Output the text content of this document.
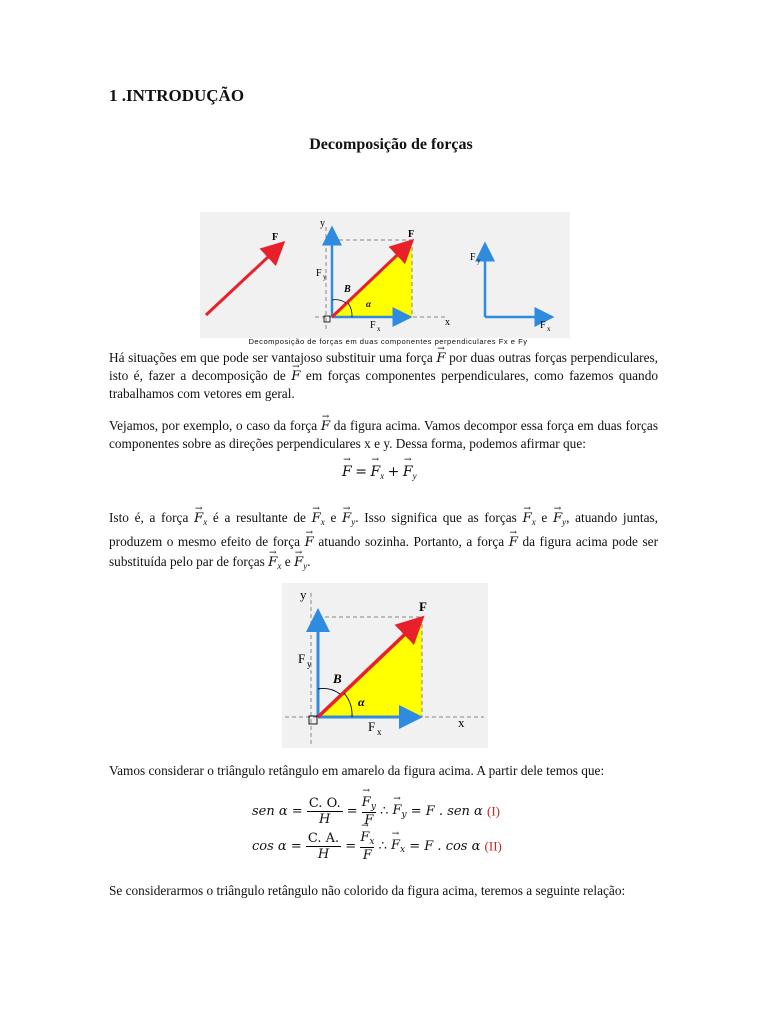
1 .INTRODUÇÃO
Decomposição de forças
F
y
F
x
F y
F x
B
α
F y
F x
Decomposição de forças em duas componentes perpendiculares Fx e Fy
Há situações em que pode ser vantajoso substituir uma força → F por duas outras forças perpendiculares, isto é, fazer a decomposição de → F em forças componentes perpendiculares, como fazemos quando trabalhamos com vetores em geral.
Vejamos, por exemplo, o caso da força → F da figura acima. Vamos decompor essa força em duas forças componentes sobre as direções perpendiculares x e y. Dessa forma, podemos afirmar que:
→ F = → $F_x$ + → $F_y$
Isto é, a força → $F_x$ é a resultante de → $F_x$ $e \to F_y$. Isso significa que as forças → $F_x$ $e \to F_y$, atuando juntas, produzem o mesmo efeito de força → F atuando sozinha. Portanto, a força → F da figura acima pode ser substituída pelo par de forças → $F_x$ $e \to F_y$.
y
F
x
F y
F x
B
α
Vamos considerar o triângulo retângulo em amarelo da figura acima. A partir dele temos que:
sen $\alpha = \frac{C. O.}{H}$ = → $\frac{F_y}{F}$ ∴ → $F_y = F$ . sen α (I)
$\cos \alpha = \frac{C. A.}{H}$ = → $\frac{F_x}{F}$ ∴ → $F_x = F$ . cos α (II)
Se considerarmos o triângulo retângulo não colorido da figura acima, teremos a seguinte relação:
